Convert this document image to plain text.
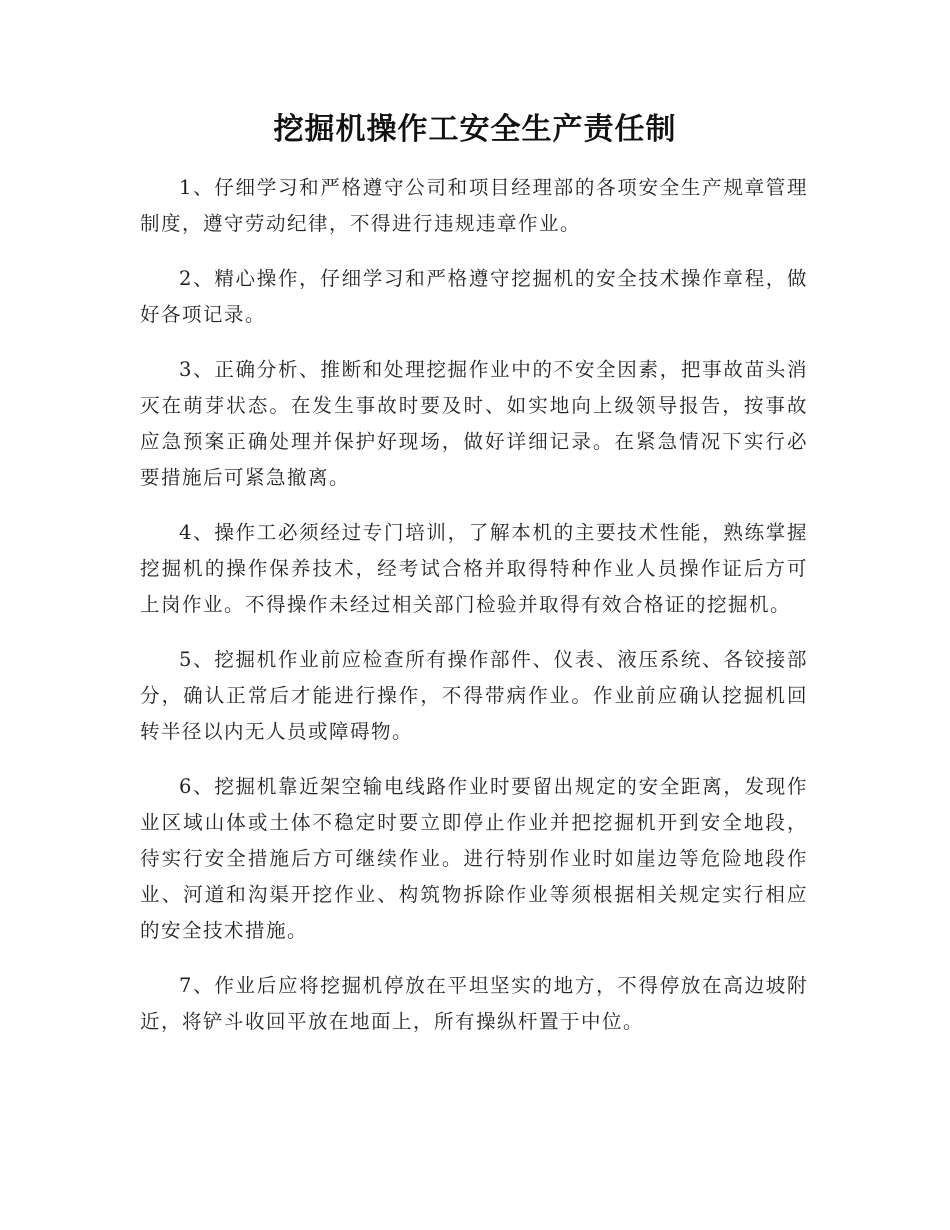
挖掘机操作工安全生产责任制

1、仔细学习和严格遵守公司和项目经理部的各项安全生产规章管理制度，遵守劳动纪律，不得进行违规违章作业。

2、精心操作，仔细学习和严格遵守挖掘机的安全技术操作章程，做好各项记录。

3、正确分析、推断和处理挖掘作业中的不安全因素，把事故苗头消灭在萌芽状态。在发生事故时要及时、如实地向上级领导报告，按事故应急预案正确处理并保护好现场，做好详细记录。在紧急情况下实行必要措施后可紧急撤离。

4、操作工必须经过专门培训，了解本机的主要技术性能，熟练掌握挖掘机的操作保养技术，经考试合格并取得特种作业人员操作证后方可上岗作业。不得操作未经过相关部门检验并取得有效合格证的挖掘机。

5、挖掘机作业前应检查所有操作部件、仪表、液压系统、各铰接部分，确认正常后才能进行操作，不得带病作业。作业前应确认挖掘机回转半径以内无人员或障碍物。

6、挖掘机靠近架空输电线路作业时要留出规定的安全距离，发现作业区域山体或土体不稳定时要立即停止作业并把挖掘机开到安全地段，待实行安全措施后方可继续作业。进行特别作业时如崖边等危险地段作业、河道和沟渠开挖作业、构筑物拆除作业等须根据相关规定实行相应的安全技术措施。

7、作业后应将挖掘机停放在平坦坚实的地方，不得停放在高边坡附近，将铲斗收回平放在地面上，所有操纵杆置于中位。
